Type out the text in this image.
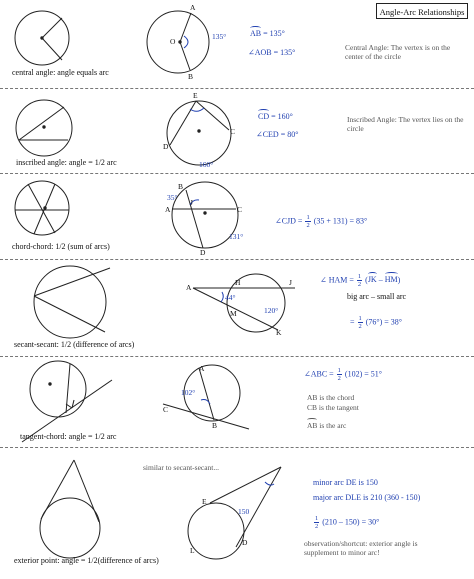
Angle-Arc Relationships
A
O
B
135°
central angle: angle equals arc
AB = 135°
∠AOB = 135°
Central Angle: The vertex is on the center of the circle
E
C
D
160°
inscribed angle: angle = 1/2 arc
CD = 160°
∠CED = 80°
Inscribed Angle: The vertex lies on the circle
B
A
J
C
D
35°
131°
chord-chord: 1/2 (sum of arcs)
∠CJD = $\frac{1}{2} (35 + 131) = 83^\circ$
A
H	J
M
K
44°
120°
secant-secant: 1/2 (difference of arcs)
∠ HAM = $\frac{1}{2} (JK - HM)$
big arc – small arc
= $\frac{1}{2} (76^\circ) = 38^\circ$
A
C
B
102°
tangent-chord: angle = 1/2 arc
∠ABC = $\frac{1}{2} (102) = 51^\circ$
AB is the chord
CB is the tangent
AB is the arc
similar to secant-secant...
E
D
L
150
exterior point: angle = 1/2(difference of arcs)
minor arc DE is 150
major arc DLE is 210 (360 - 150)
$\frac{1}{2} (210 - 150) = 30^\circ$
observation/shortcut: exterior angle is supplement to minor arc!
